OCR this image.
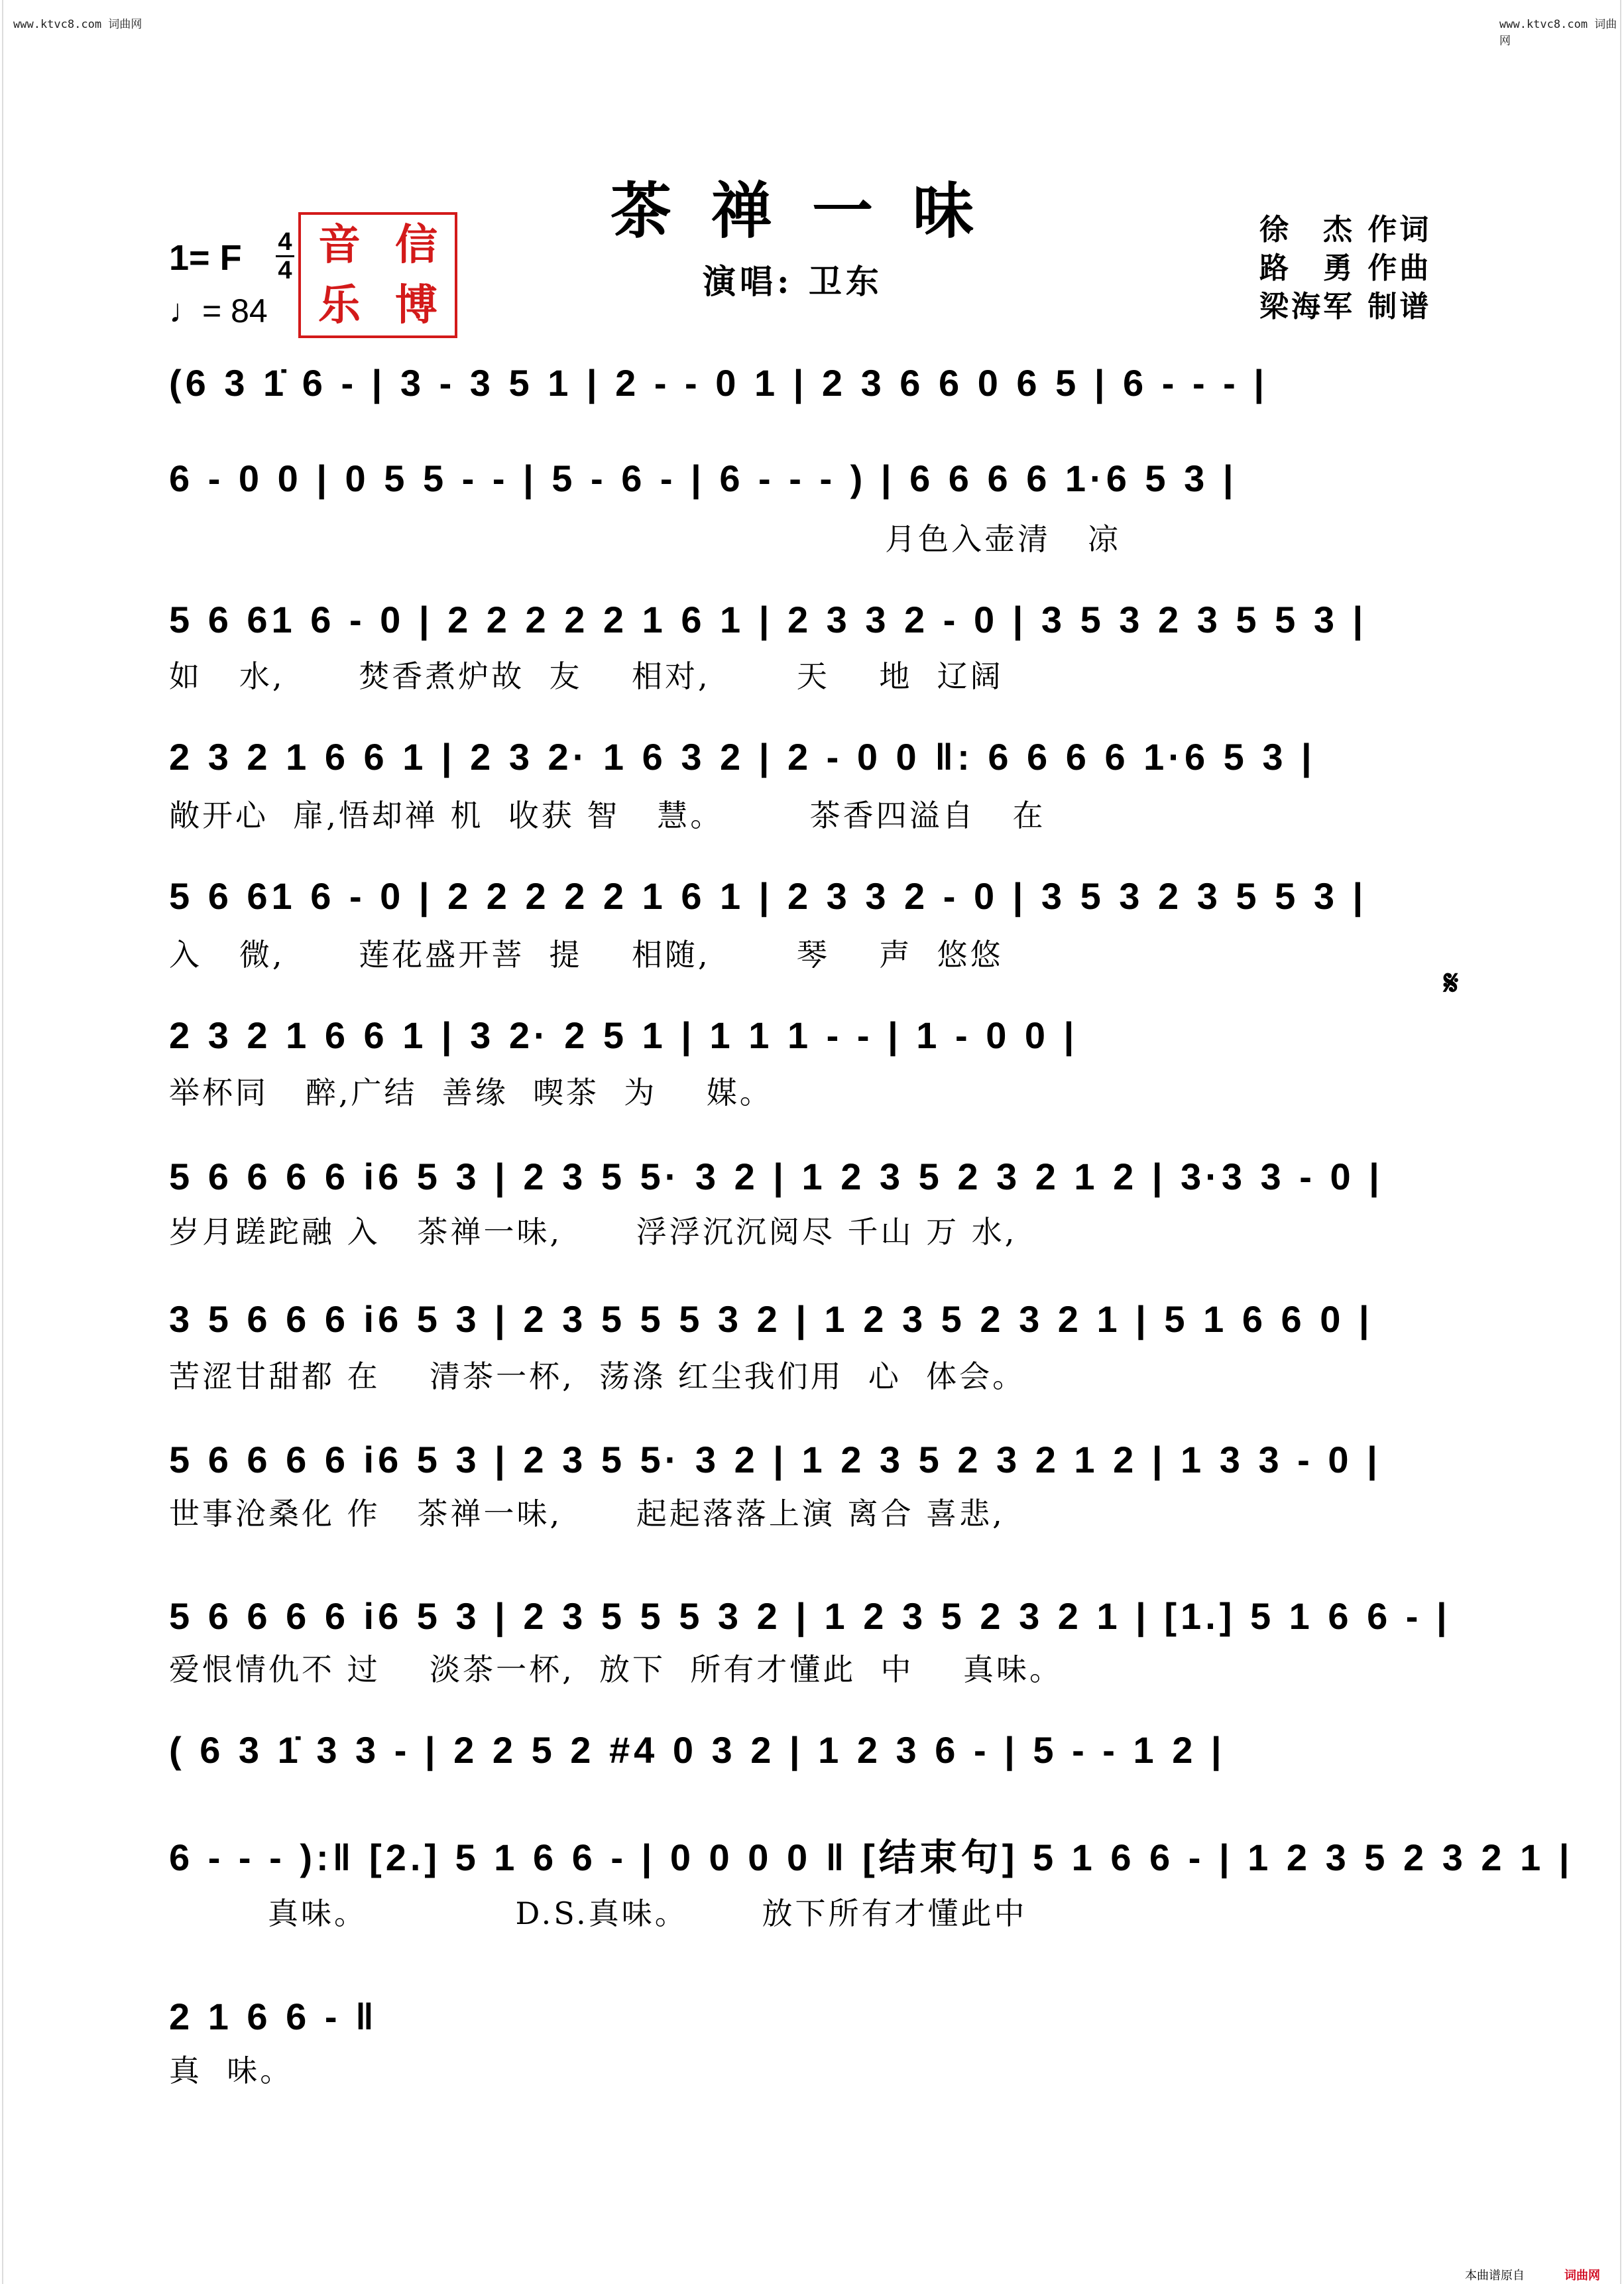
www.ktvc8.com 词曲网	www.ktvc8.com 词曲网
茶禅一味
演唱: 卫东
徐　杰 作词
路　勇 作曲
梁海军 制谱
1= F 4
4
♩= 84
音 信
乐 博
𝄋
(6 3 1̇ 6 - | 3 - 3 5 1 | 2 - - 0 1 | 2 3 6 6 0 6 5 | 6 - - - |
6 - 0 0 | 0 5 5 - - | 5 - 6 - | 6 - - - ) | 6 6 6 6 1·6 5 3 |
月色入壶清   凉
5 6 61 6 - 0 | 2 2 2 2 2 1 6 1 | 2 3 3 2 - 0 | 3 5 3 2 3 5 5 3 |
如   水,      焚香煮炉故  友    相对,       天    地  辽阔
2 3 2 1 6 6 1 | 2 3 2· 1 6 3 2 | 2 - 0 0 ‖: 6 6 6 6 1·6 5 3 |
敞开心  扉,悟却禅 机  收获 智   慧。       茶香四溢自   在
5 6 61 6 - 0 | 2 2 2 2 2 1 6 1 | 2 3 3 2 - 0 | 3 5 3 2 3 5 5 3 |
入   微,      莲花盛开菩  提    相随,       琴    声  悠悠
2 3 2 1 6 6 1 | 3 2· 2 5 1 | 1 1 1 - - | 1 - 0 0 |
举杯同   醉,广结  善缘  喫茶  为    媒。
5 6 6 6 6 i6 5 3 | 2 3 5 5· 3 2 | 1 2 3 5 2 3 2 1 2 | 3·3 3 - 0 |
岁月蹉跎融 入   茶禅一味,      浮浮沉沉阅尽 千山 万 水,
3 5 6 6 6 i6 5 3 | 2 3 5 5 5 3 2 | 1 2 3 5 2 3 2 1 | 5 1 6 6 0 |
苦涩甘甜都 在    清茶一杯,  荡涤 红尘我们用  心  体会。
5 6 6 6 6 i6 5 3 | 2 3 5 5· 3 2 | 1 2 3 5 2 3 2 1 2 | 1 3 3 - 0 |
世事沧桑化 作   茶禅一味,      起起落落上演 离合 喜悲,
5 6 6 6 6 i6 5 3 | 2 3 5 5 5 3 2 | 1 2 3 5 2 3 2 1 | [1.] 5 1 6 6 - |
爱恨情仇不 过    淡茶一杯,  放下  所有才懂此  中    真味。
( 6 3 1̇ 3 3 - | 2 2 5 2 #4 0 3 2 | 1 2 3 6 - | 5 - - 1 2 |
6 - - - ):‖ [2.] 5 1 6 6 - | 0 0 0 0 ‖ [结束句] 5 1 6 6 - | 1 2 3 5 2 3 2 1 |
真味。            D.S.真味。      放下所有才懂此中
2 1 6 6 - ‖
真  味。
本曲谱原自	词曲网
